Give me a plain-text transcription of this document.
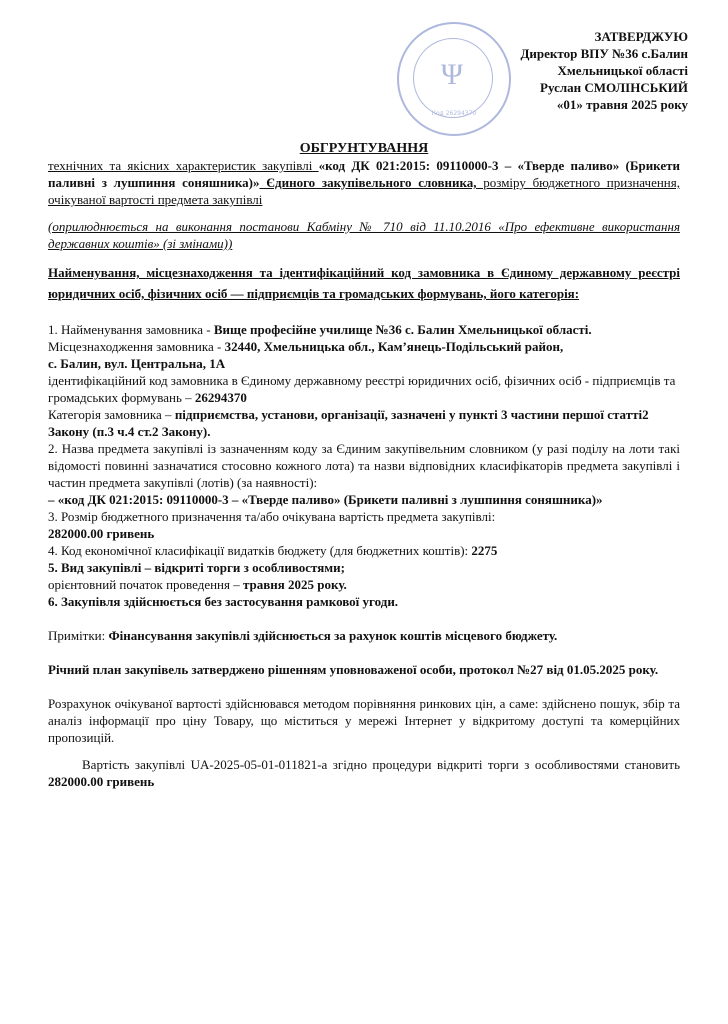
Ψ
Код 26294370
ЗАТВЕРДЖУЮ
Директор ВПУ №36 с.Балин
Хмельницької області
Руслан СМОЛІНСЬКИЙ
«01» травня 2025 року

ОБГРУНТУВАННЯ

технічних та якісних характеристик закупівлі «код ДК 021:2015: 09110000-3 – «Тверде паливо» (Брикети паливні з лушпиння соняшника)» Єдиного закупівельного словника, розміру бюджетного призначення, очікуваної вартості предмета закупівлі

(оприлюднюється на виконання постанови Кабміну № 710 від 11.10.2016 «Про ефективне використання державних коштів» (зі змінами))

Найменування, місцезнаходження та ідентифікаційний код замовника в Єдиному державному реєстрі юридичних осіб, фізичних осіб — підприємців та громадських формувань, його категорія:

1. Найменування замовника - Вище професійне училище №36 с. Балин Хмельницької області.

Місцезнаходження замовника - 32440, Хмельницька обл., Кам’янець-Подільський район,

с. Балин, вул. Центральна, 1А

ідентифікаційний код замовника в Єдиному державному реєстрі юридичних осіб, фізичних осіб - підприємців та громадських формувань – 26294370

Категорія замовника – підприємства, установи, організації, зазначені у пункті 3 частини першої статті2 Закону (п.3 ч.4 ст.2 Закону).

2. Назва предмета закупівлі із зазначенням коду за Єдиним закупівельним словником (у разі поділу на лоти такі відомості повинні зазначатися стосовно кожного лота) та назви відповідних класифікаторів предмета закупівлі і частин предмета закупівлі (лотів) (за наявності):

– «код ДК 021:2015: 09110000-3 – «Тверде паливо» (Брикети паливні з лушпиння соняшника)»

3. Розмір бюджетного призначення та/або очікувана вартість предмета закупівлі:

282000.00 гривень

4. Код економічної класифікації видатків бюджету (для бюджетних коштів): 2275

5. Вид закупівлі – відкриті торги з особливостями;

орієнтовний початок проведення – травня 2025 року.

6. Закупівля здійснюється без застосування рамкової угоди.

Примітки: Фінансування закупівлі здійснюється за рахунок коштів місцевого бюджету.

Річний план закупівель затверджено рішенням уповноваженої особи, протокол №27 від 01.05.2025 року.

Розрахунок очікуваної вартості здійснювався методом порівняння ринкових цін, а саме: здійснено пошук, збір та аналіз інформації про ціну Товару, що міститься у мережі Інтернет у відкритому доступі та комерційних пропозицій.

Вартість закупівлі UA-2025-05-01-011821-a згідно процедури відкриті торги з особливостями становить 282000.00 гривень
